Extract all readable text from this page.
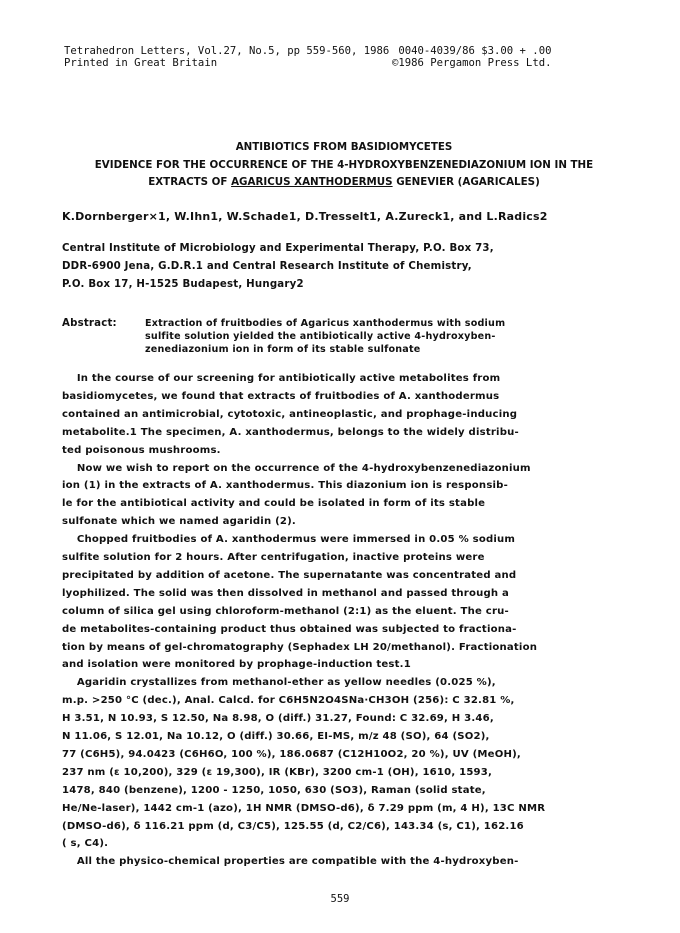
Tetrahedron Letters, Vol.27, No.5, pp 559-560, 1986
Printed in Great Britain
0040-4039/86 $3.00 + .00
©1986 Pergamon Press Ltd.
ANTIBIOTICS FROM BASIDIOMYCETES
EVIDENCE FOR THE OCCURRENCE OF THE 4-HYDROXYBENZENEDIAZONIUM ION IN THE
EXTRACTS OF AGARICUS XANTHODERMUS GENEVIER (AGARICALES)
K.Dornberger×1, W.Ihn1, W.Schade1, D.Tresselt1, A.Zureck1, and L.Radics2
Central Institute of Microbiology and Experimental Therapy, P.O. Box 73,
DDR-6900 Jena, G.D.R.1 and Central Research Institute of Chemistry,
P.O. Box 17, H-1525 Budapest, Hungary2
Abstract:	Extraction of fruitbodies of Agaricus xanthodermus with sodium
sulfite solution yielded the antibiotically active 4-hydroxyben-
zenediazonium ion in form of its stable sulfonate
In the course of our screening for antibiotically active metabolites from
basidiomycetes, we found that extracts of fruitbodies of A. xanthodermus
contained an antimicrobial, cytotoxic, antineoplastic, and prophage-inducing
metabolite.1 The specimen, A. xanthodermus, belongs to the widely distribu-
ted poisonous mushrooms.
Now we wish to report on the occurrence of the 4-hydroxybenzenediazonium
ion (1) in the extracts of A. xanthodermus. This diazonium ion is responsib-
le for the antibiotical activity and could be isolated in form of its stable
sulfonate which we named agaridin (2).
Chopped fruitbodies of A. xanthodermus were immersed in 0.05 % sodium
sulfite solution for 2 hours. After centrifugation, inactive proteins were
precipitated by addition of acetone. The supernatante was concentrated and
lyophilized. The solid was then dissolved in methanol and passed through a
column of silica gel using chloroform-methanol (2:1) as the eluent. The cru-
de metabolites-containing product thus obtained was subjected to fractiona-
tion by means of gel-chromatography (Sephadex LH 20/methanol). Fractionation
and isolation were monitored by prophage-induction test.1
Agaridin crystallizes from methanol-ether as yellow needles (0.025 %),
m.p. >250 °C (dec.), Anal. Calcd. for C6H5N2O4SNa·CH3OH (256): C 32.81 %,
H 3.51, N 10.93, S 12.50, Na 8.98, O (diff.) 31.27, Found: C 32.69, H 3.46,
N 11.06, S 12.01, Na 10.12, O (diff.) 30.66, EI-MS, m/z 48 (SO), 64 (SO2),
77 (C6H5), 94.0423 (C6H6O, 100 %), 186.0687 (C12H10O2, 20 %), UV (MeOH),
237 nm (ε 10,200), 329 (ε 19,300), IR (KBr), 3200 cm-1 (OH), 1610, 1593,
1478, 840 (benzene), 1200 - 1250, 1050, 630 (SO3), Raman (solid state,
He/Ne-laser), 1442 cm-1 (azo), 1H NMR (DMSO-d6), δ 7.29 ppm (m, 4 H), 13C NMR
(DMSO-d6), δ 116.21 ppm (d, C3/C5), 125.55 (d, C2/C6), 143.34 (s, C1), 162.16
( s, C4).
All the physico-chemical properties are compatible with the 4-hydroxyben-
559
